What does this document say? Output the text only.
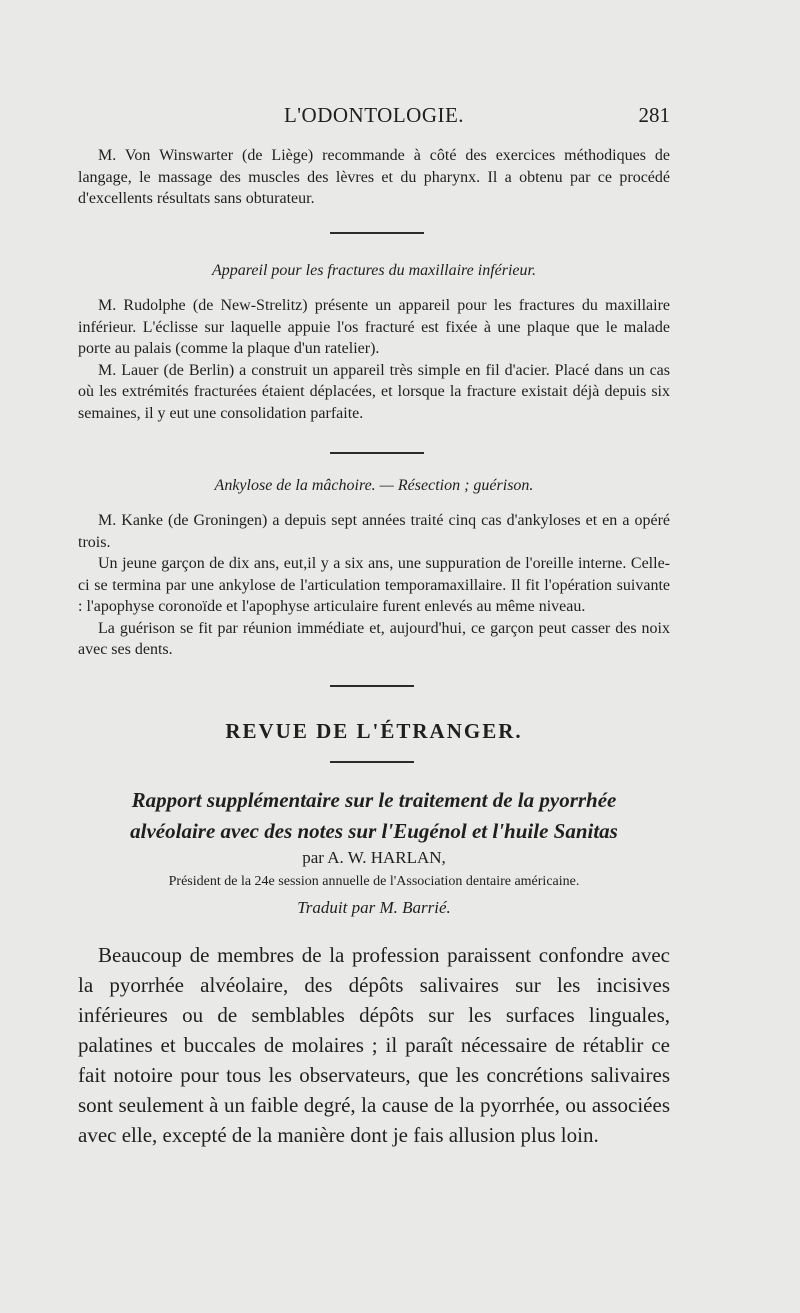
L'ODONTOLOGIE.	281

M. Von Winswarter (de Liège) recommande à côté des exercices méthodiques de langage, le massage des muscles des lèvres et du pharynx. Il a obtenu par ce procédé d'excellents résultats sans obturateur.

Appareil pour les fractures du maxillaire inférieur.

M. Rudolphe (de New-Strelitz) présente un appareil pour les fractures du maxillaire inférieur. L'éclisse sur laquelle appuie l'os fracturé est fixée à une plaque que le malade porte au palais (comme la plaque d'un ratelier).

M. Lauer (de Berlin) a construit un appareil très simple en fil d'acier. Placé dans un cas où les extrémités fracturées étaient déplacées, et lorsque la fracture existait déjà depuis six semaines, il y eut une consolidation parfaite.

Ankylose de la mâchoire. — Résection ; guérison.

M. Kanke (de Groningen) a depuis sept années traité cinq cas d'ankyloses et en a opéré trois.

Un jeune garçon de dix ans, eut,il y a six ans, une suppuration de l'oreille interne. Celle-ci se termina par une ankylose de l'articulation temporamaxillaire. Il fit l'opération suivante : l'apophyse coronoïde et l'apophyse articulaire furent enlevés au même niveau.

La guérison se fit par réunion immédiate et, aujourd'hui, ce garçon peut casser des noix avec ses dents.

REVUE DE L'ÉTRANGER.
Rapport supplémentaire sur le traitement de la pyorrhée
alvéolaire avec des notes sur l'Eugénol et l'huile Sanitas
par A. W. HARLAN,
Président de la 24e session annuelle de l'Association dentaire américaine.
Traduit par M. Barrié.

Beaucoup de membres de la profession paraissent confondre avec la pyorrhée alvéolaire, des dépôts salivaires sur les incisives inférieures ou de semblables dépôts sur les surfaces linguales, palatines et buccales de molaires ; il paraît nécessaire de rétablir ce fait notoire pour tous les observateurs, que les concrétions salivaires sont seulement à un faible degré, la cause de la pyorrhée, ou associées avec elle, excepté de la manière dont je fais allusion plus loin.
